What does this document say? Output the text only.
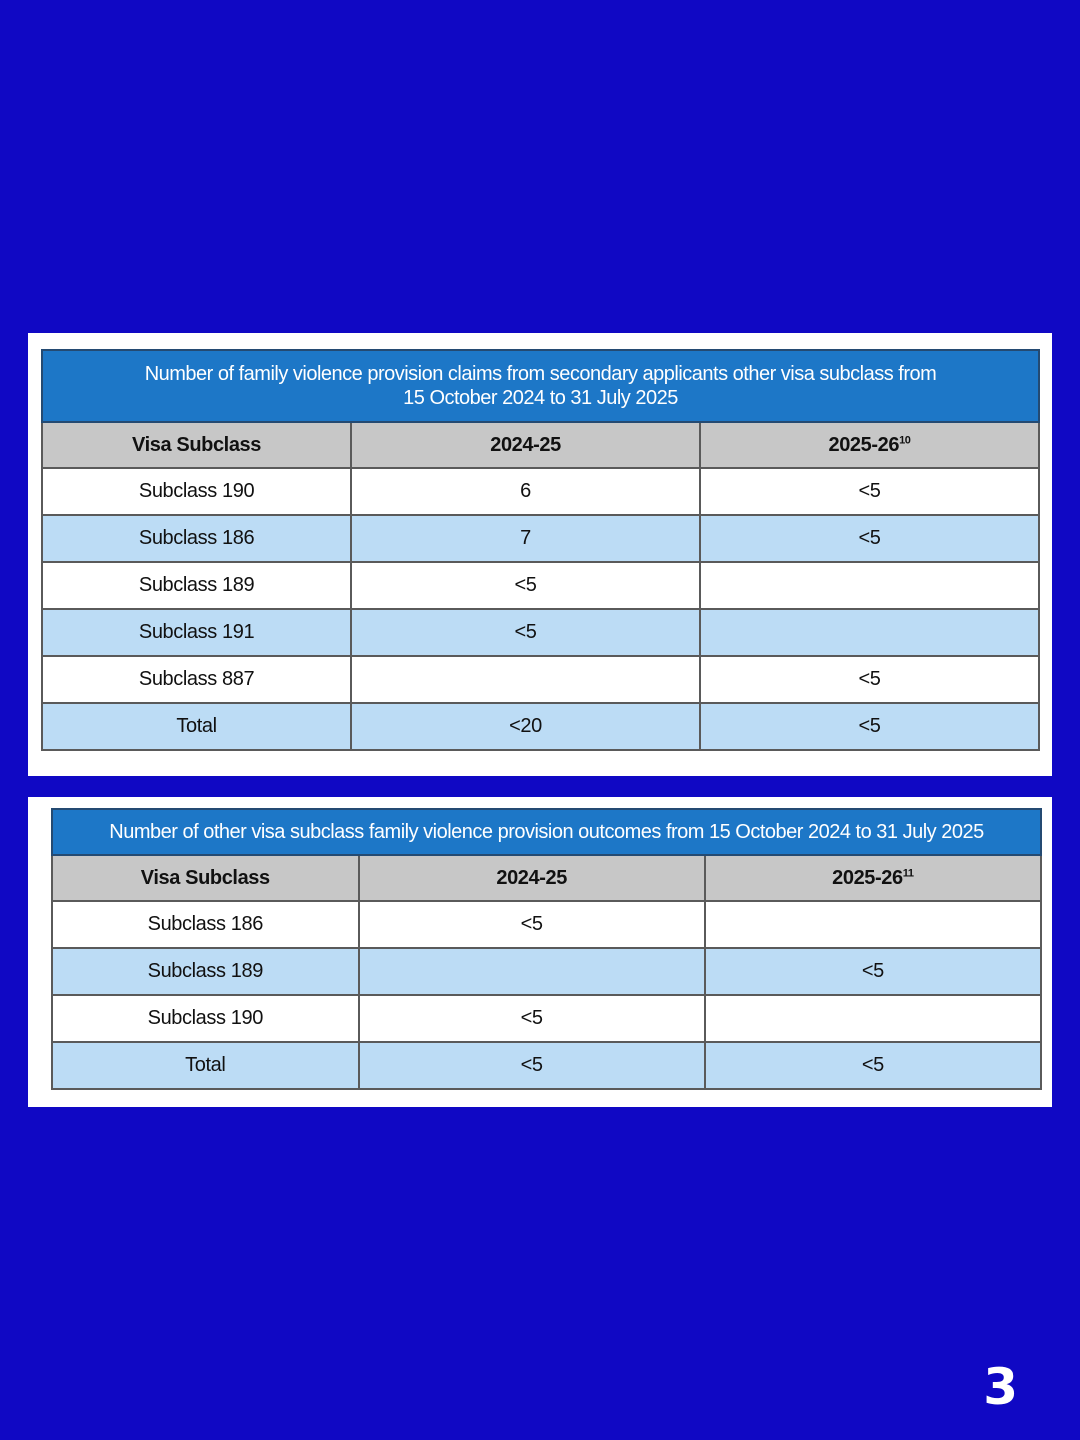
Number of family violence provision claims from secondary applicants other visa subclass from
15 October 2024 to 31 July 2025		

Visa Subclass	2024-25	$2025-26^{10}$
Subclass 190	6	<5
Subclass 186	7	<5
Subclass 189	<5	
Subclass 191	<5	
Subclass 887		<5
Total	<20	<5
Number of other visa subclass family violence provision outcomes from 15 October 2024 to 31 July 2025		
Visa Subclass	2024-25	$2025-26^{11}$
Subclass 186	<5	
Subclass 189		<5
Subclass 190	<5	
Total	<5	<5
3
